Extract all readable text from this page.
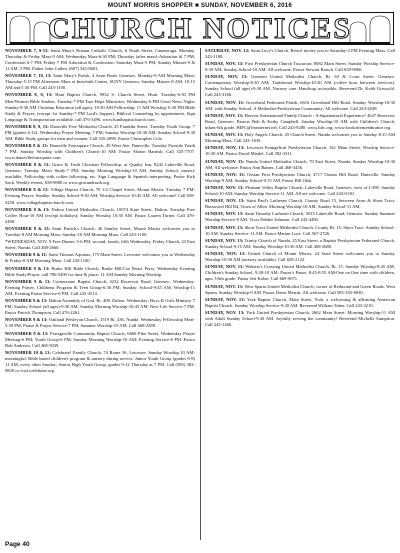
MOUNT MORRIS SHOPPER ■ SUNDAY, NOVEMBER 6, 2016
CHURCH NOTICES

NOVEMBER 7, 9-13: Saint Mary's Roman Catholic Church, 6 North Street, Canaseraga. Monday, Thursday & Friday Mass-9 AM; Wednesday Mass-6:30 PM; Thursday (after mass)-Adoration til 7 PM, Confession 6-7 PM; Friday-7 PM Adoration & Confession; Saturday Mass-5 PM; Sunday Masses-9 & 11 AM, 5 PM. Father John Cullen. (607) 545-8601.

NOVEMBER 7, 10, 13: Saint Mary's Parish, 4 Avon Road, Geneseo. Monday-8 AM Morning Mass; Thursday-5:15 PM Afternoon Mass at Interfaith Center, SUNY Geneseo; Sunday Masses-8 AM, 10:15 AM and 5:30 PM. Call 243-1100.

NOVEMBER 8, 9, 13: Hunt Baptist Church, 9932 S. Church Street, Hunt. Tuesday-6:30 PM Men/Women Bible Studies; Tuesday-7 PM True Hope Ministries; Wednesday-6 PM Good News Night; Sunday-9:30 AM Christian Education (all ages); 10:30 AM Fellowship; 11 AM Worship; 6:30 PM Bible Study & Prayer; (except 1st Sunday-7 PM Lord's Supper). Biblical Counseling by appointment. Sign Language & Transportation available, call 476-3496. www.huntbaptistchurch.com.

NOVEMBER 8, 9, 13: Dansville Free Methodist Church, 25 Franklin Street. Tuesday Youth Group, 7 PM (grades 6-12); Wednesday Prayer Meeting, 7 PM; Sunday Worship-10:30 AM, Sunday School-9:30 AM. Bible Study groups for men and women. Call 335-2898. Pastor Christopher Cole.

NOVEMBER 8 & 13: Dansville Foursquare Church, 49 West Ave, Dansville. Tuesday Fireside Youth 7 PM; Sunday Worship with Children's Church-10 AM; Pastor Shawn Harnish. Call 335-7707. www.dansvillefoursquare.com.

NOVEMBER 8 & 13: Grace & Truth Christian Fellowship, at Quality Inn, 8242 Lakeville Road, Geneseo. Tuesday Men's Study-7 PM; Sunday Morning Worship-10 AM, Sunday School, nursery available. Fellowship with coffee following, etc. Sign Language & Spanish interpreting. Pastor Kirk Sack. Weekly events, 658-9880 or www.gracandtruth.org.

NOVEMBER 8 & 13: Village Baptist Church, 70 1/2 Chapel Street, Mount Morris. Tuesday 7 PM-Evening Prayer; Sunday: Sunday School-9:30 AM; Worship Service-10:45 AM. All welcome! Call 658-3258. www.villagebaptistchurch.com.

NOVEMBER 8 & 13: Dalton United Methodist Church, 10074 State Street, Dalton. Tuesday Free Coffee Hour-10 AM (except holidays); Sunday Worship 10:30 AM. Pastor Lauren Turner. Call 476-2490.

NOVEMBER 8 & 13: Saint Patrick's Church, 46 Stanley Street, Mount Morris welcomes you to Tuesday-8 AM Morning Mass; Sunday-10 AM Morning Mass. Call 243-1100.

*WEDNESDAY, NOV. 9 Free Dinner, 5-6 PM, second, fourth, fifth Wednesday, Friday Church, 23 East Street, Nunda. Call 468-2660.

NOVEMBER 9 & 11: Saint Thomas Aquinas, 175 Main Street, Leicester welcomes you to Wednesday & Friday-8 AM Morning Mass. Call 243-1100.

NOVEMBER 9 & 13: Burke Hill Bible Church, Burke Hill/Coe Road, Perry. Wednesday Evening Bible Study/Prayer, call 786-5490 for time & place; 11 AM Sunday Morning Worship.

NOVEMBER 9 & 13: Cornerstone Baptist Church, 4232 Reservoir Road, Geneseo. Wednesday: Evening Prayer, Childrens Program & Teen Group-6:30 PM; Sunday: School-9:45 AM; Worship-11 AM; Evening Praise Service-6 PM. Call 243-4514.

NOVEMBER 9 & 13: Dalton Assembly of God, Rt. 408, Dalton. Wednesday: Boys & Girls Ministry-7 PM; Sunday School (all ages)-9:30 AM; Sunday Morning Worship-10:45 AM; New Life Service-7 PM. Pastor Patrick Thompson. Call 476-2261.

NOVEMBER 9 & 13: Oakland Wesleyan Church, 1519 Rt. 436, Nunda. Wednesday Fellowship Meal-5:30 PM, Praise & Prayer Service-7 PM; Summer Worship-10 AM. Call 468-2389.

NOVEMBER 9 & 13: Portageville Community Baptist Church, 6668 Pike Street, Wednesday Prayer Meeting-6 PM; Youth Group-6 PM; Sunday Morning Worship-10 AM; Evening Service-6 PM. Pastor Bob Andrews. Call 468-5039.

NOVEMBER 10 & 13: Celebrate! Family Church, 74 Route 36, Leicester. Sunday Worship 10 AM-meaningful, Bible based children's program & nursery during service. Junior Youth Group (grades 6-8) 11 AM, every other Sunday; Senior High Youth Group, grades 9-12 Thursday at 7 PM. Call (585) 382-9830 or visit icelebrate.org.

SATURDAY, NOV. 12: Saint Lucy's Church, Retsof invites you to Saturday-4 PM Evening Mass. Call 243-1100.

SUNDAY, NOV. 13: First Presbyterian Church Tuscarora, 8082 Main Street. Sunday Worship Service-9:30 AM; Sunday School-10 AM. All welcome. Pastor Stewart Baisch. Call 658-9860.

SUNDAY, NOV. 13: Geneseo United Methodist Church, Rt. 63 & Court Street, Geneseo. Contemporary Worship-8:30 AM; Traditional Worship-10:30 AM (coffee hour between services). Sunday School (all ages)-9:30 AM. Nursery care. Handicap accessible. Reverend Dr. Keith Griswold. Call 243-3160.

SUNDAY, NOV. 13: Groveland Federated Parish, 6616 Groveland Hill Road. Sunday Worship-10:30 AM, with Sunday School. A Methodist-Presbyterian Community. All welcome. Call 243-2638.

SUNDAY, NOV. 13: Harvest International Family Church - A Supernatural Experience! 4647 Reservoir Road, Geneseo. Pastors Bob & Kathy Campbell. Sunday Worship-10 AM with Children's Church, infant-6th grade. HIFC@frontiernet.net. Call 243-9280. www.hifc.org; www.bookofremembrance.org.

SUNDAY, NOV. 13: Holy Angels Church, 45 Church Street, Nunda welcomes you to Sunday-8:15 AM Morning Mass. Call 243-1100.

SUNDAY, NOV. 13: Leicester Evangelical Presbyterian Church, 161 Main Street. Worship Service-10:30 AM. Pastor David Miedel. Call 382-3311.

SUNDAY, NOV. 13: Nunda United Methodist Church, 70 East Street, Nunda. Sunday Worship-10:30 AM. All welcome. Pastor Ann Baines. Call 468-3456.

SUNDAY, NOV. 13: Ossian First Presbyterian Church, 4717 Ossian Hill Road, Dansville. Sunday Worship-9 AM; Sunday School-9:15 AM. Pastor Bill Olds.

SUNDAY, NOV. 13: Pleasant Valley Baptist Church, Lakeville Road, Geneseo, west of I-390. Sunday School-10 AM; Sunday Worship Service-11 AM. All are welcome. Call 243-0130.

SUNDAY, NOV. 13: Saint Paul's Lutheran Church, County Road 15, between Avon & Short Tract, Basswood Hill Rd, Town of Allen. Morning Worship-10 AM; Sunday School-11 AM.

SUNDAY, NOV. 13: Saint Timothy Lutheran Church, 5015 Lakeville Road, Geneseo. Sunday Summer Worship Service-9 AM. Vicar Debbie Johnson. Call 243-4490.

SUNDAY, NOV. 13: Short Tract United Methodist Church, County Rt. 15, Short Tract. Sunday School-10 AM. Sunday Service-11 AM. Pastor Marian Luce. Call 567-2726.

SUNDAY, NOV. 13: Trinity Church of Nunda, 25 East Street, a Baptist Presbyterian Federated Church. Sunday School-9:15 AM; Sunday Worship-10:30 AM. Call 468-2680.

SUNDAY, NOV. 13: United Church of Mount Morris, 24 State Street welcomes you to Sunday Worship-10:30 AM (nursery available). Call 658-2122.

SUNDAY, NOV. 13: Webster's Crossing United Methodist Church, Rt. 15. Sunday Worship-8:45 AM; Children's Sunday School, 9:20-10 AM; Pastor's Pause, 8:45-8:55 AM-One on One time with children, ages 3-6th grade. Pastor Jeri Kober. Call 669-9071.

SUNDAY, NOV. 13: West Sparta United Methodist Church, corner of Redmond and Green Roads, West Sparta. Sunday Worship-9 AM. Pastor Dawn Merritt. All welcome. Call 585-335-8030.

SUNDAY, NOV. 13: York Baptist Church, Main Street, York, a welcoming & affirming American Baptist Church. Sunday Worship Service-9:30 AM. Reverend William Tuber. Call 243-3210.

SUNDAY, NOV. 13: York United Presbyterian Church, 2662 Main Street. Morning Worship-11 AM with Adult Sunday School-9:30 AM. Joyfully serving the community! Reverend Michelle Sumption. Call 243-1266.

Page 40
